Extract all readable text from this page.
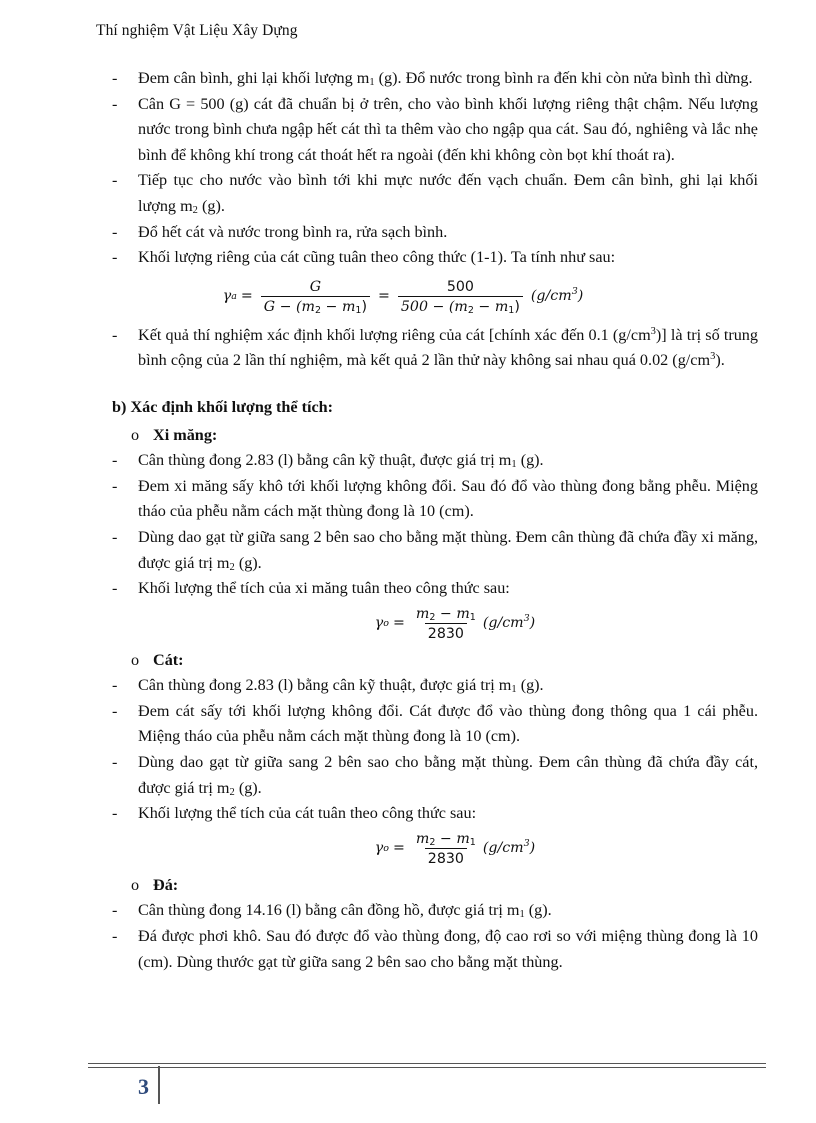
Thí nghiệm Vật Liệu Xây Dựng
- Đem cân bình, ghi lại khối lượng $m_1$ (g). Đổ nước trong bình ra đến khi còn nửa bình thì dừng.
- Cân G = 500 (g) cát đã chuẩn bị ở trên, cho vào bình khối lượng riêng thật chậm. Nếu lượng nước trong bình chưa ngập hết cát thì ta thêm vào cho ngập qua cát. Sau đó, nghiêng và lắc nhẹ bình để không khí trong cát thoát hết ra ngoài (đến khi không còn bọt khí thoát ra).
- Tiếp tục cho nước vào bình tới khi mực nước đến vạch chuẩn. Đem cân bình, ghi lại khối lượng $m_2$ (g).
- Đổ hết cát và nước trong bình ra, rửa sạch bình.
- Khối lượng riêng của cát cũng tuân theo công thức (1-1). Ta tính như sau:
γ $a = \frac{G}{G - (m_2 - m_1)} = \frac{500}{500 - (m_2 - m_1)} (g/cm^3)$
- Kết quả thí nghiệm xác định khối lượng riêng của cát [chính xác đến 0.1 $(g/cm^3)$] là trị số trung bình cộng của 2 lần thí nghiệm, mà kết quả 2 lần thử này không sai nhau quá 0.02 $(g/cm^3)$.
b) Xác định khối lượng thể tích:
o Xi măng:
- Cân thùng đong 2.83 (l) bằng cân kỹ thuật, được giá trị $m_1$ (g).
- Đem xi măng sấy khô tới khối lượng không đổi. Sau đó đổ vào thùng đong bằng phễu. Miệng tháo của phễu nằm cách mặt thùng đong là 10 (cm).
- Dùng dao gạt từ giữa sang 2 bên sao cho bằng mặt thùng. Đem cân thùng đã chứa đầy xi măng, được giá trị $m_2$ (g).
- Khối lượng thể tích của xi măng tuân theo công thức sau:
γ $o = \frac{m_2 - m_1}{2830} (g/cm^3)$
o Cát:
- Cân thùng đong 2.83 (l) bằng cân kỹ thuật, được giá trị $m_1$ (g).
- Đem cát sấy tới khối lượng không đổi. Cát được đổ vào thùng đong thông qua 1 cái phễu. Miệng tháo của phễu nằm cách mặt thùng đong là 10 (cm).
- Dùng dao gạt từ giữa sang 2 bên sao cho bằng mặt thùng. Đem cân thùng đã chứa đầy cát, được giá trị $m_2$ (g).
- Khối lượng thể tích của cát tuân theo công thức sau:
γ $o = \frac{m_2 - m_1}{2830} (g/cm^3)$
o Đá:
- Cân thùng đong 14.16 (l) bằng cân đồng hồ, được giá trị $m_1$ (g).
- Đá được phơi khô. Sau đó được đổ vào thùng đong, độ cao rơi so với miệng thùng đong là 10 (cm). Dùng thước gạt từ giữa sang 2 bên sao cho bằng mặt thùng.
3
